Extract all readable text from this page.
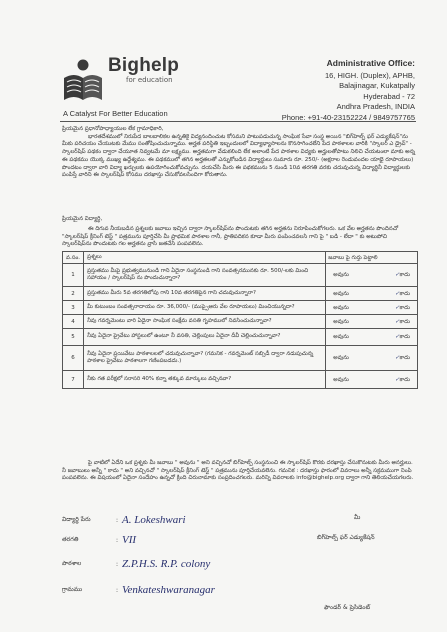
Bighelp
for education
A Catalyst For Better Education
Administrative Office:
16, HIGH. (Duplex), APHB,
Balajinagar, Kukatpally
Hyderabad - 72
Andhra Pradesh, INDIA
Phone: +91-40-23152224 / 9849757765
ప్రియమైన ప్రధానోపాధ్యాయుల లేక గ్రామాధికారి,
భారతదేశములో నిరుపేద బాలబాలికల ఉన్నతికై విద్యనందించుట కోసమని పాటుపడుచున్న సాంఘిక సేవా సంస్థ అయిన "బిగ్‌హెల్ప్ ఫర్ ఎడ్యుకేషన్"ను మీకు పరిచయం చేయుటకు మేము సంతోషించుచున్నాము. అర్హత పరిస్థితి ఇబ్బందులలో విద్యాభ్యాసాలను కొనసాగించలేని పేద పాఠశాలల వారికి "స్కాలర్ ఎ డ్రైవ్" - స్కాలర్‌షిప్ పథకం ద్వారా చేయూత నివ్వటమే మా లక్ష్యము. అర్హతమగా వేడుకలింది లేక అలాంటి పేద పాఠశాల విద్యకు అర్హులతోపాటు నిలిచి చేయటంలా మాకు అన్న ఈ పథకము యొక్క ముఖ్య ఉద్దేశ్యము. ఈ పథకములో తగిన అర్హతలతో ఎన్నుకోబడిన విద్యార్థులు సుమారు రూ. 250/- (అక్షరాల రెండువందల యాభై రూపాయలు) పొందటం ద్వారా వారి విద్యా ఖర్చులకు ఉపయోగించుకోవచ్చును. దయచేసి మీరు ఈ పథకమును 5 నుండి 10వ తరగతి వరకు చదువుచున్న విద్యార్థినీ విద్యార్థులకు పంపిస్తే వారిని ఈ స్కాలర్‌షిప్ కోసము దరఖాస్తు చేసుకోవలసిందిగా కోరుతాను.
ప్రియమైన విద్యార్థి,
ఈ దిగువ నీయబడిన ప్రశ్నలకు జవాబు ఇచ్చిన ద్వారా స్కాలర్‌షిప్‌ను పొందుటకు తగిన అర్హతను నిరూపించుకోగలరు. ఒక వేల అర్హతను పొందినచో "స్కాలర్‌షిప్ క్రీనింగ్ టెస్ట్ " పత్రమును పూర్తిచేసి మీ ప్రాథమిక పాఠశాల గానీ, ప్రాతిపదికన కూడా మీరు పంపించవలసి గాని పై " బడి - లేదా " కు అటుపోచి స్కాలర్‌షిప్‌ను పొందుటకు గల అర్హతను వ్రాసి జతచేసి పంపవలెను.
వ.సం.	ప్రశ్నలు	జవాబు పై గుర్తు పెట్టాలి
1	ప్రస్తుతము మీపై ప్రభుత్వమునుండి గాని ఏదైనా సంస్థనుండి గాని సంవత్సరమునకు రూ. 500/-లకు మించి సహాయం / స్కాలర్‌షిప్ ను పొందుచున్నారా?	అవును ✓కాదు

2	ప్రస్తుతము మీరు 5వ తరగతిలోపు గాని 10వ తరగతిపైన గాని చదువుచున్నారా?	అవును ✓కాదు

3	మీ కుటుంబం సంవత్సరాదాయం రూ. 36,000/- (ముప్పైఆరు వేల రూపాయలు) మించియున్నదా?	అవును ✓కాదు

4	నీవు గవర్నమెంటు వారి ఏదైనా సాంఘిక సంక్షేమ వసతి గృహములో నివసించుచున్నావా?	అవును ✓కాదు

5	నీవు ఏదైనా ప్రైవేటు హాస్టలులో ఉంటూ నీ వసతి, చెల్లింపులు ఏదైనా దీవీ చెల్లించుచున్నావా?	అవును ✓కాదు

6	నీవు ఏదైనా ప్రయివేటు పాఠశాలలలో చదువుచున్నావా? (గమనిక - గవర్నమెంట్ సబ్సిడీ ద్వారా నడుపుచున్న పాఠశాల ప్రైవేటు పాఠశాలగా గణింపబడదు.)	అవును ✓కాదు

7	నీకు గత పరీక్షలో సరాసరి 40% కన్నా తక్కువ మార్కులు వచ్చినవా?	అవును ✓కాదు
పై వాటిలో ఏదేని ఒక ప్రశ్నకు మీ జవాబు " అవును " అని వచ్చినచో బిగ్‌హెల్ప్ సంస్థనుంచి ఈ స్కాలర్‌షిప్ కొరకు దరఖాస్తు చేసుకొనుటకు మీరు అనర్హులు. నీ జవాబులు అన్నీ " కాదు " అని వచ్చినచో " స్కాలర్‌షిప్ క్రీనింగ్ టెస్ట్ " పత్రమును పూర్తిచేయవలెను. గమనిక : దరఖాస్తు ఫారంలో వివరాలు అన్నీ సక్రమముగా నింపి పంపవలెను. ఈ విషయంలో ఏదైనా సందేహం ఉన్నచో క్రింది చిరునామాకు సంప్రదించగలరు. మరిన్ని వివరాలకు info@bighelp.org ద్వారా గాని తెలియచేయగలరు.
విద్యార్థి పేరు	: A. Lokeshwari
తరగతి	: VII
పాఠశాల	: Z.P.H.S. R.P. colony
గ్రామము	: Venkateshwaranagar
మీ
బిగ్‌హెల్ప్ ఫర్ ఎడ్యుకేషన్
ఫౌండర్ & ప్రెసిడెంట్
